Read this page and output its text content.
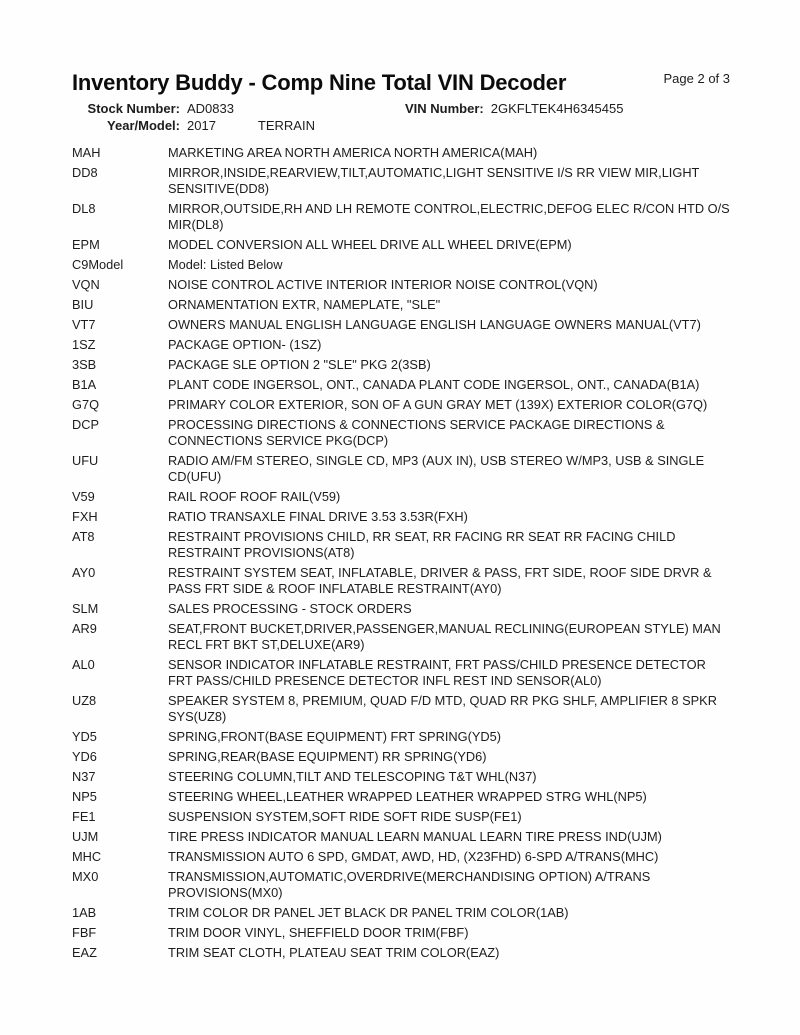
Inventory Buddy - Comp Nine Total VIN Decoder	Page 2 of 3
Stock Number: AD0833	VIN Number: 2GKFLTEK4H6345455
Year/Model: 2017	TERRAIN
MAH	MARKETING AREA NORTH AMERICA NORTH AMERICA(MAH)
DD8	MIRROR,INSIDE,REARVIEW,TILT,AUTOMATIC,LIGHT SENSITIVE I/S RR VIEW MIR,LIGHT SENSITIVE(DD8)
DL8	MIRROR,OUTSIDE,RH AND LH REMOTE CONTROL,ELECTRIC,DEFOG ELEC R/CON HTD O/S MIR(DL8)
EPM	MODEL CONVERSION ALL WHEEL DRIVE ALL WHEEL DRIVE(EPM)
C9Model	Model: Listed Below
VQN	NOISE CONTROL ACTIVE INTERIOR INTERIOR NOISE CONTROL(VQN)
BIU	ORNAMENTATION EXTR, NAMEPLATE, "SLE"
VT7	OWNERS MANUAL ENGLISH LANGUAGE ENGLISH LANGUAGE OWNERS MANUAL(VT7)
1SZ	PACKAGE OPTION- (1SZ)
3SB	PACKAGE SLE OPTION 2 "SLE" PKG 2(3SB)
B1A	PLANT CODE INGERSOL, ONT., CANADA PLANT CODE INGERSOL, ONT., CANADA(B1A)
G7Q	PRIMARY COLOR EXTERIOR, SON OF A GUN GRAY MET (139X) EXTERIOR COLOR(G7Q)
DCP	PROCESSING DIRECTIONS & CONNECTIONS SERVICE PACKAGE DIRECTIONS & CONNECTIONS SERVICE PKG(DCP)
UFU	RADIO AM/FM STEREO, SINGLE CD, MP3 (AUX IN), USB STEREO W/MP3, USB & SINGLE CD(UFU)
V59	RAIL ROOF ROOF RAIL(V59)
FXH	RATIO TRANSAXLE FINAL DRIVE 3.53 3.53R(FXH)
AT8	RESTRAINT PROVISIONS CHILD, RR SEAT, RR FACING RR SEAT RR FACING CHILD RESTRAINT PROVISIONS(AT8)
AY0	RESTRAINT SYSTEM SEAT, INFLATABLE, DRIVER & PASS, FRT SIDE, ROOF SIDE DRVR & PASS FRT SIDE & ROOF INFLATABLE RESTRAINT(AY0)
SLM	SALES PROCESSING - STOCK ORDERS
AR9	SEAT,FRONT BUCKET,DRIVER,PASSENGER,MANUAL RECLINING(EUROPEAN STYLE) MAN RECL FRT BKT ST,DELUXE(AR9)
AL0	SENSOR INDICATOR INFLATABLE RESTRAINT, FRT PASS/CHILD PRESENCE DETECTOR FRT PASS/CHILD PRESENCE DETECTOR INFL REST IND SENSOR(AL0)
UZ8	SPEAKER SYSTEM 8, PREMIUM, QUAD F/D MTD, QUAD RR PKG SHLF, AMPLIFIER 8 SPKR SYS(UZ8)
YD5	SPRING,FRONT(BASE EQUIPMENT) FRT SPRING(YD5)
YD6	SPRING,REAR(BASE EQUIPMENT) RR SPRING(YD6)
N37	STEERING COLUMN,TILT AND TELESCOPING T&T WHL(N37)
NP5	STEERING WHEEL,LEATHER WRAPPED LEATHER WRAPPED STRG WHL(NP5)
FE1	SUSPENSION SYSTEM,SOFT RIDE SOFT RIDE SUSP(FE1)
UJM	TIRE PRESS INDICATOR MANUAL LEARN MANUAL LEARN TIRE PRESS IND(UJM)
MHC	TRANSMISSION AUTO 6 SPD, GMDAT, AWD, HD, (X23FHD) 6-SPD A/TRANS(MHC)
MX0	TRANSMISSION,AUTOMATIC,OVERDRIVE(MERCHANDISING OPTION) A/TRANS PROVISIONS(MX0)
1AB	TRIM COLOR DR PANEL JET BLACK DR PANEL TRIM COLOR(1AB)
FBF	TRIM DOOR VINYL, SHEFFIELD DOOR TRIM(FBF)
EAZ	TRIM SEAT CLOTH, PLATEAU SEAT TRIM COLOR(EAZ)
